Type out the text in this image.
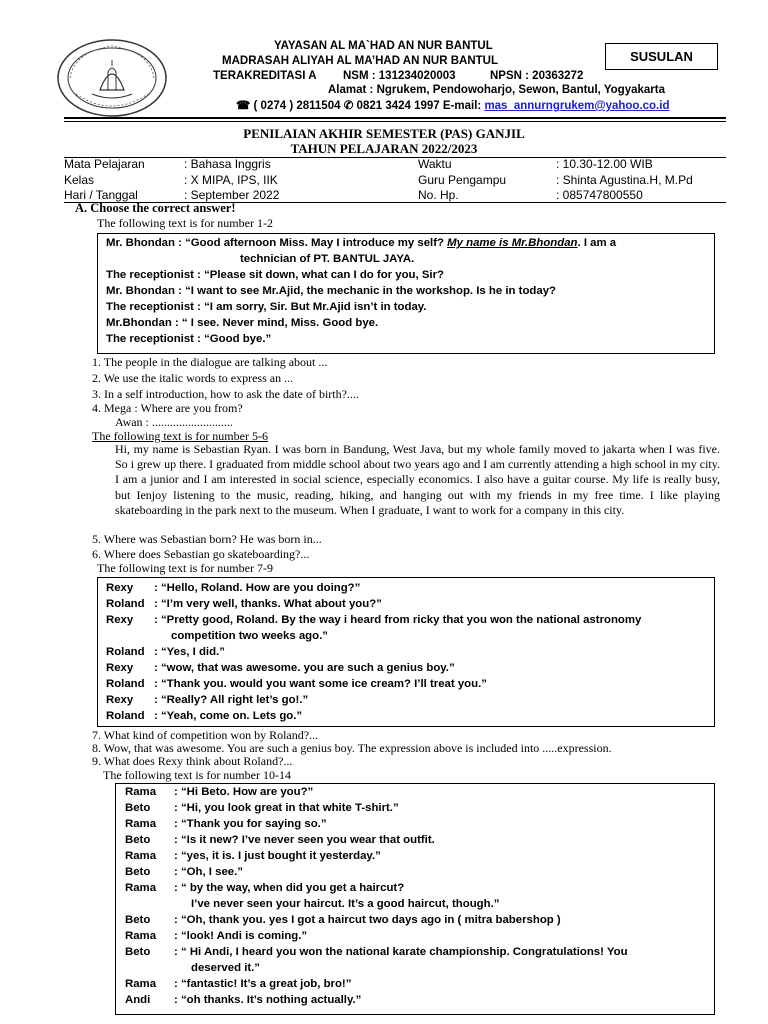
YAYASAN AL MA`HAD AN NUR BANTUL
MADRASAH ALIYAH AL MA’HAD AN NUR BANTUL
TERAKREDITASI A NSM : 131234020003	NPSN : 20363272
Alamat : Ngrukem, Pendowoharjo, Sewon, Bantul, Yogyakarta
☎ ( 0274 ) 2811504 ✆ 0821 3424 1997 E-mail: mas_annurngrukem@yahoo.co.id
SUSULAN
PENILAIAN AKHIR SEMESTER (PAS) GANJIL
TAHUN PELAJARAN 2022/2023
Mata Pelajaran	: Bahasa Inggris	Waktu	: 10.30-12.00 WIB
Kelas	: X MIPA, IPS, IIK	Guru Pengampu	: Shinta Agustina.H, M.Pd
Hari / Tanggal	: September 2022	No. Hp.	: 085747800550
A. Choose the correct answer!
The following text is for number 1-2
Mr. Bhondan : “Good afternoon Miss. May I introduce my self? My name is Mr.Bhondan. I am a
technician of PT. BANTUL JAYA.
The receptionist : “Please sit down, what can I do for you, Sir?
Mr. Bhondan : “I want to see Mr.Ajid, the mechanic in the workshop. Is he in today?
The receptionist : “I am sorry, Sir. But Mr.Ajid isn’t in today.
Mr.Bhondan : “ I see. Never mind, Miss. Good bye.
The receptionist : “Good bye.”
1. The people in the dialogue are talking about ...
2. We use the italic words to express an ...
3. In a self introduction, how to ask the date of birth?....
4. Mega : Where are you from?
Awan : ...........................
The following text is for number 5-6
Hi, my name is Sebastian Ryan. I was born in Bandung, West Java, but my whole family moved to jakarta when I was five. So i grew up there. I graduated from middle school about two years ago and I am currently attending a high school in my city. I am a junior and I am interested in social science, especially economics. I also have a guitar course. My life is really busy, but Ienjoy listening to the music, reading, hiking, and hanging out with my friends in my free time. I like playing skateboarding in the park next to the museum. When I graduate, I want to work for a company in this city.
5. Where was Sebastian born? He was born in...
6. Where does Sebastian go skateboarding?...
The following text is for number 7-9
Rexy : “Hello, Roland. How are you doing?”
Roland : “I’m very well, thanks. What about you?”
Rexy : “Pretty good, Roland. By the way i heard from ricky that you won the national astronomy
competition two weeks ago.”
Roland : “Yes, I did.”
Rexy : “wow, that was awesome. you are such a genius boy.”
Roland : “Thank you. would you want some ice cream? I’ll treat you.”
Rexy : “Really? All right let’s go!.”
Roland : “Yeah, come on. Lets go.”
7. What kind of competition won by Roland?...
8. Wow, that was awesome. You are such a genius boy. The expression above is included into .....expression.
9. What does Rexy think about Roland?...
The following text is for number 10-14
Rama : “Hi Beto. How are you?”
Beto : “Hi, you look great in that white T-shirt.”
Rama : “Thank you for saying so.”
Beto : “Is it new? I’ve never seen you wear that outfit.
Rama : “yes, it is. I just bought it yesterday.”
Beto : “Oh, I see.”
Rama : “ by the way, when did you get a haircut?
I’ve never seen your haircut. It’s a good haircut, though.”
Beto : “Oh, thank you. yes I got a haircut two days ago in ( mitra babershop )
Rama : “look! Andi is coming.”
Beto : “ Hi Andi, I heard you won the national karate championship. Congratulations! You
deserved it.”
Rama : “fantastic! It’s a great job, bro!”
Andi : “oh thanks. It’s nothing actually.”
